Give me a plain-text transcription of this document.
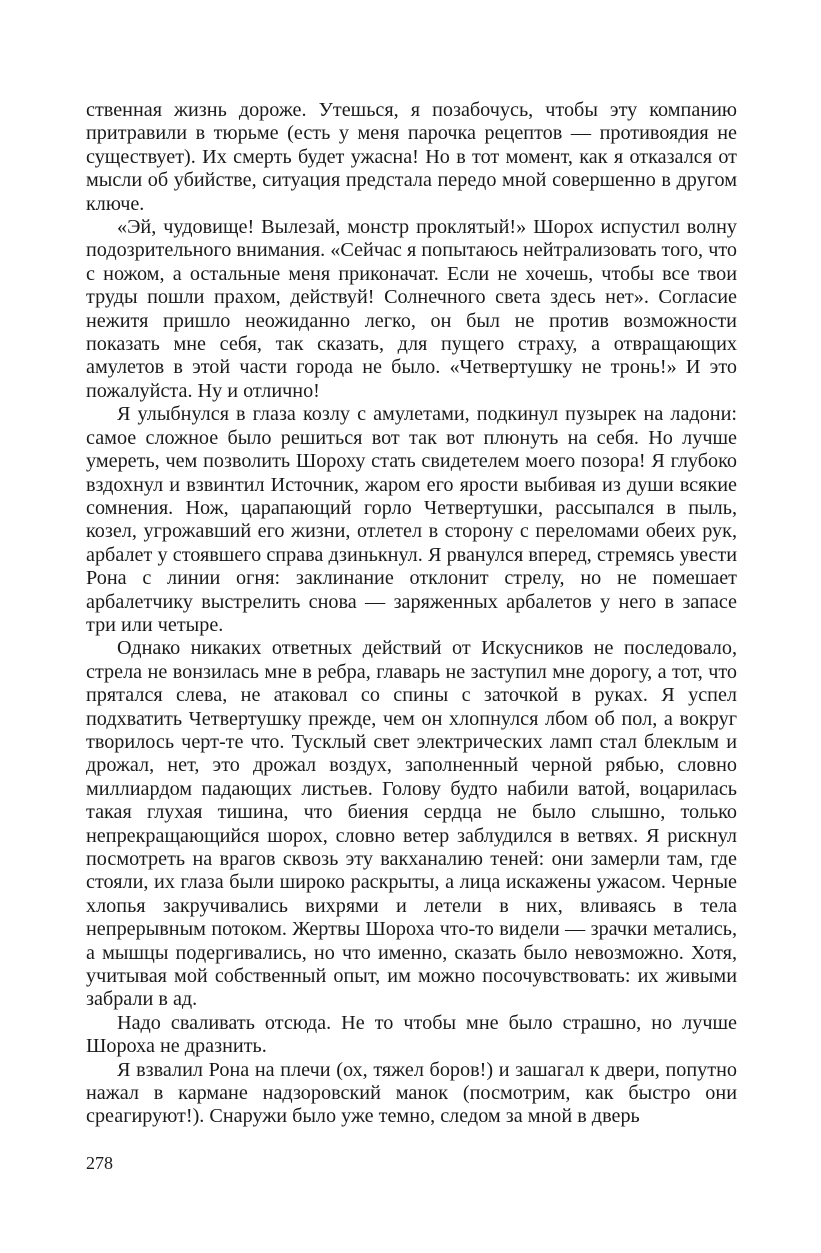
ственная жизнь дороже. Утешься, я позабочусь, чтобы эту компанию притравили в тюрьме (есть у меня парочка рецептов — противоядия не существует). Их смерть будет ужасна! Но в тот момент, как я отказался от мысли об убийстве, ситуация предстала передо мной совершенно в другом ключе.

«Эй, чудовище! Вылезай, монстр проклятый!» Шорох испустил волну подозрительного внимания. «Сейчас я попытаюсь нейтрализовать того, что с ножом, а остальные меня приконачат. Если не хочешь, чтобы все твои труды пошли прахом, действуй! Солнечного света здесь нет». Согласие нежитя пришло неожиданно легко, он был не против возможности показать мне себя, так сказать, для пущего страху, а отвращающих амулетов в этой части города не было. «Четвертушку не тронь!» И это пожалуйста. Ну и отлично!

Я улыбнулся в глаза козлу с амулетами, подкинул пузырек на ладони: самое сложное было решиться вот так вот плюнуть на себя. Но лучше умереть, чем позволить Шороху стать свидетелем моего позора! Я глубоко вздохнул и взвинтил Источник, жаром его ярости выбивая из души всякие сомнения. Нож, царапающий горло Четвертушки, рассыпался в пыль, козел, угрожавший его жизни, отлетел в сторону с переломами обеих рук, арбалет у стоявшего справа дзинькнул. Я рванулся вперед, стремясь увести Рона с линии огня: заклинание отклонит стрелу, но не помешает арбалетчику выстрелить снова — заряженных арбалетов у него в запасе три или четыре.

Однако никаких ответных действий от Искусников не последовало, стрела не вонзилась мне в ребра, главарь не заступил мне дорогу, а тот, что прятался слева, не атаковал со спины с заточкой в руках. Я успел подхватить Четвертушку прежде, чем он хлопнулся лбом об пол, а вокруг творилось черт-те что. Тусклый свет электрических ламп стал блеклым и дрожал, нет, это дрожал воздух, заполненный черной рябью, словно миллиардом падающих листьев. Голову будто набили ватой, воцарилась такая глухая тишина, что биения сердца не было слышно, только непрекращающийся шорох, словно ветер заблудился в ветвях. Я рискнул посмотреть на врагов сквозь эту вакханалию теней: они замерли там, где стояли, их глаза были широко раскрыты, а лица искажены ужасом. Черные хлопья закручивались вихрями и летели в них, вливаясь в тела непрерывным потоком. Жертвы Шороха что-то видели — зрачки метались, а мышцы подергивались, но что именно, сказать было невозможно. Хотя, учитывая мой собственный опыт, им можно посочувствовать: их живыми забрали в ад.

Надо сваливать отсюда. Не то чтобы мне было страшно, но лучше Шороха не дразнить.

Я взвалил Рона на плечи (ох, тяжел боров!) и зашагал к двери, попутно нажал в кармане надзоровский манок (посмотрим, как быстро они среагируют!). Снаружи было уже темно, следом за мной в дверь

278
